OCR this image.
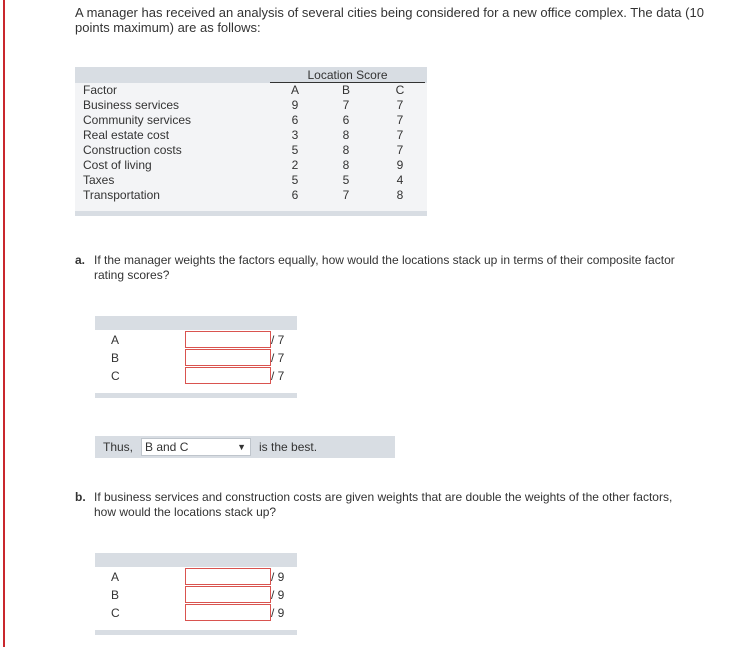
A manager has received an analysis of several cities being considered for a new office complex. The data (10 points maximum) are as follows:
Location Score
Factor	A	B	C
Business services	9	7	7
Community services	6	6	7
Real estate cost	3	8	7
Construction costs	5	8	7
Cost of living	2	8	9
Taxes	5	5	4
Transportation	6	7	8
a. If the manager weights the factors equally, how would the locations stack up in terms of their composite factor rating scores?
A	/ 7
B	/ 7
C	/ 7
Thus, B and C	▼ is the best.
b. If business services and construction costs are given weights that are double the weights of the other factors, how would the locations stack up?
A	/ 9
B	/ 9
C	/ 9
